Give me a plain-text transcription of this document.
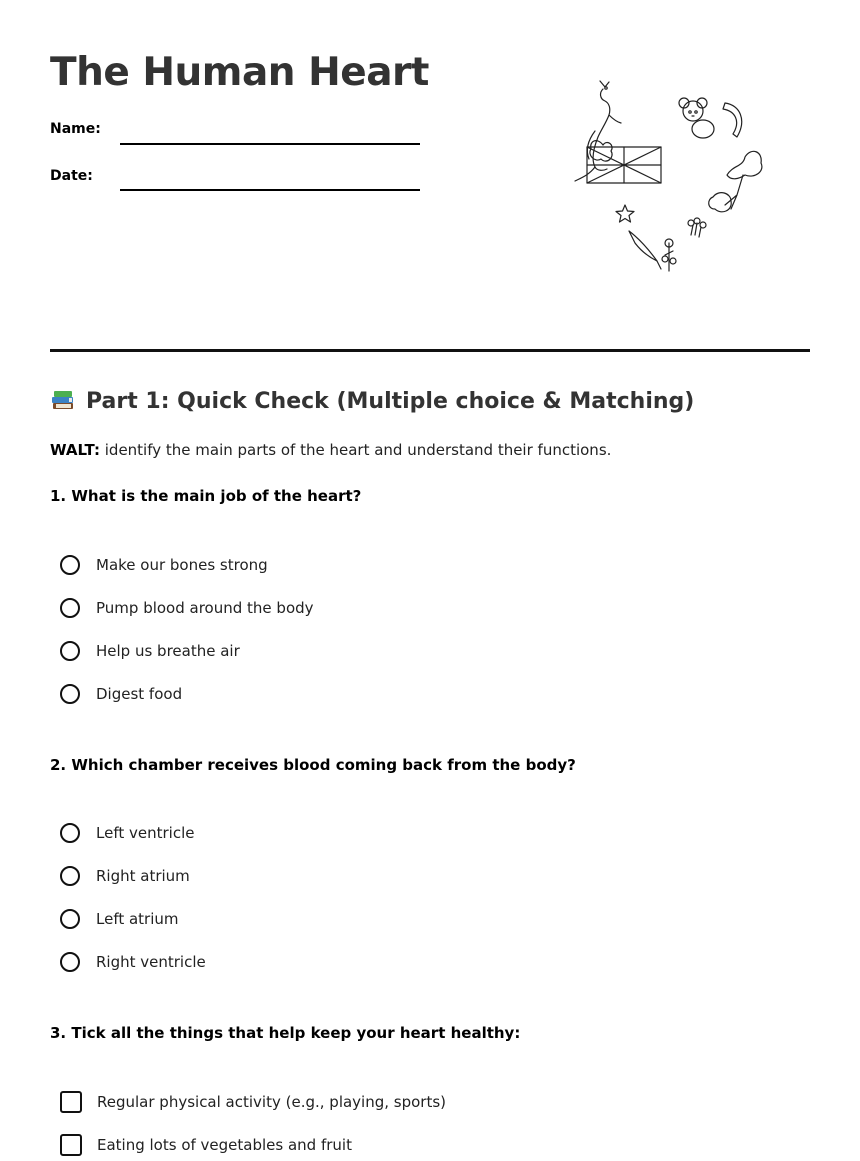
The Human Heart
Name:
Date:
Part 1: Quick Check (Multiple choice & Matching)
WALT: identify the main parts of the heart and understand their functions.
1. What is the main job of the heart?
Make our bones strong
Pump blood around the body
Help us breathe air
Digest food
2. Which chamber receives blood coming back from the body?
Left ventricle
Right atrium
Left atrium
Right ventricle
3. Tick all the things that help keep your heart healthy:
Regular physical activity (e.g., playing, sports)
Eating lots of vegetables and fruit
